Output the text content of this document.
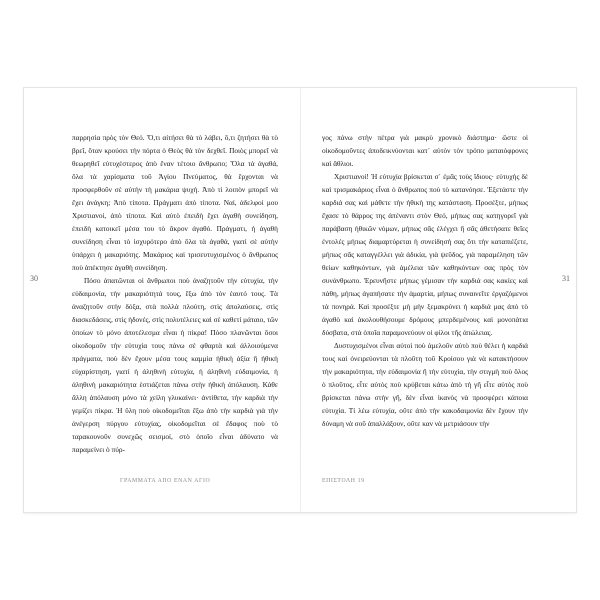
30

παρρησία πρὸς τὸν Θεό. Ὅ,τι αἰτήσει θὰ τὸ λάβει, ὅ,τι ζητήσει θὰ τὸ βρεῖ, ὅταν κρούσει τὴν πόρτα ὁ Θεὸς θὰ τὸν δεχθεῖ. Ποιὸς μπορεῖ νὰ θεωρηθεῖ εὐτυχέστερος ἀπὸ ἕναν τέτοιο ἄνθρωπο; Ὅλα τὰ ἀγαθά, ὅλα τὰ χαρίσματα τοῦ Ἁγίου Πνεύματος, θὰ ἔρχονται νὰ προσφερθοῦν σὲ αὐτὴν τὴ μακάρια ψυχή. Ἀπὸ τὶ λοιπὸν μπορεῖ νὰ ἔχει ἀνάγκη; Ἀπὸ τίποτα. Πράγματι ἀπὸ τίποτα. Ναί, ἀδελφοί μου Χριστιανοί, ἀπὸ τίποτα. Καὶ αὐτὸ ἐπειδὴ ἔχει ἀγαθὴ συνείδηση, ἐπειδὴ κατοικεῖ μέσα του τὸ ἄκρον ἀγαθό. Πράγματι, ἡ ἀγαθὴ συνείδηση εἶναι τὸ ἰσχυρότερο ἀπὸ ὅλα τὰ ἀγαθά, γιατί σὲ αὐτὴν ὑπάρχει ἡ μακαριότης. Μακάριος καὶ τρισευτυχισμένος ὁ ἄνθρωπος ποὺ ἀπέκτησε ἀγαθὴ συνείδηση.

Πόσο ἀπατῶνται οἱ ἄνθρωποι ποὺ ἀναζητοῦν τὴν εὐτυχία, τὴν εὐδαιμονία, τὴν μακαριότητά τους, ἔξω ἀπὸ τὸν ἑαυτό τους. Τὰ ἀναζητοῦν στὴν δόξα, στὰ πολλὰ πλούτη, στὶς ἀπολαύσεις, στὶς διασκεδάσεις, στὶς ἡδονές, στὶς πολυτέλειες καὶ σὲ καθετί μάταιο, τῶν ὁποίων τὸ μόνο ἀποτέλεσμα εἶναι ἡ πίκρα! Πόσο πλανῶνται ὅσοι οἰκοδομοῦν τὴν εὐτυχία τους πάνω σὲ φθαρτὰ καὶ ἀλλοιούμενα πράγματα, ποὺ δὲν ἔχουν μέσα τους καμμία ἠθικὴ ἀξία ἢ ἠθικὴ εὐχαρίστηση, γιατί ἡ ἀληθινὴ εὐτυχία, ἡ ἀληθινὴ εὐδαιμονία, ἡ ἀληθινὴ μακαριότητα ἑστιάζεται πάνω στὴν ἠθικὴ ἀπόλαυση. Κάθε ἄλλη ἀπόλαυση μόνο τὰ χείλη γλυκαίνει· ἀντίθετα, τὴν καρδιὰ τὴν γεμίζει πίκρα. Ἡ ὕλη ποὺ οἰκοδομεῖται ἔξω ἀπὸ τὴν καρδιὰ γιὰ τὴν ἀνέγερση πύργου εὐτυχίας, οἰκοδομεῖται σὲ ἔδαφος ποὺ τὸ ταρακουνοῦν συνεχῶς σεισμοί, στὸ ὁποῖο εἶναι ἀδύνατο νὰ παραμείνει ὁ πύρ-

ΓΡΑΜΜΑΤΑ ΑΠΟ ΕΝΑΝ ΑΓΙΟ
31

γος πάνω στὴν πέτρα γιὰ μακρὺ χρονικὸ διάστημα· ὥστε οἱ οἰκοδομοῦντες ἀποδεικνύονται κατ᾽ αὐτὸν τὸν τρόπο ματαιόφρονες καὶ ἄθλιοι.

Χριστιανοί! Ἡ εὐτυχία βρίσκεται σ᾽ ἐμᾶς τοὺς ἴδιους· εὐτυχὴς δὲ καὶ τρισμακάριος εἶναι ὁ ἄνθρωπος ποὺ τὸ κατανόησε. Ἐξετάστε τὴν καρδιά σας καὶ μάθετε τὴν ἠθικὴ της κατάσταση. Προσέξτε, μήπως ἔχασε τὸ θάρρος της ἀπέναντι στὸν Θεό, μήπως σας κατηγορεῖ γιὰ παράβαση ἠθικῶν νόμων, μήπως σᾶς ἐλέγχει ἢ σᾶς ἀθετήσατε θεῖες ἐντολές μήπως διαμαρτύρεται ἡ συνείδησή σας ὅτι τὴν καταπιέζετε, μήπως σᾶς καταγγέλλει γιὰ ἀδικία, γιὰ ψεῦδος, γιὰ παραμέληση τῶν θείων καθηκόντων, γιὰ ἀμέλεια τῶν καθηκόντων σας πρὸς τὸν συνάνθρωπο. Ἐρευνῆστε μήπως γέμισαν τὴν καρδιά σας κακίες καὶ πάθη, μήπως ἀγαπήσατε τὴν ἁμαρτία, μήπως συναινεῖτε ἐργαζόμενοι τὰ πονηρά. Καὶ προσέξτε μὴ μὴν ξεμακρύνει ἡ καρδιά μας ἀπὸ τὸ ἀγαθὸ καὶ ἀκολουθήσουμε δρόμους μπερδεμένους καὶ μονοπάτια δύσβατα, στὰ ὁποῖα παραμονεύουν οἱ φίλοι τῆς ἀπώλειας.

Δυστυχισμένοι εἶναι αὐτοὶ ποὺ ἀμελοῦν αὐτὸ ποὺ θέλει ἡ καρδιά τους καὶ ὀνειρεύονται τὰ πλοῦτη τοῦ Κροίσου γιὰ νὰ κατακτήσουν τὴν μακαριότητα, τὴν εὐδαιμονία ἢ τὴν εὐτυχία, τὴν στιγμὴ ποὺ ὅλος ὁ πλοῦτος, εἶτε αὐτὸς ποὺ κρύβεται κάτω ἀπὸ τὴ γῆ εἶτε αὐτὸς ποὺ βρίσκεται πάνω στὴν γῆ, δὲν εἶναι ἱκανὸς νὰ προσφέρει κάποια εὐτυχία. Τί λέω εὐτυχία, οὔτε ἀπὸ τὴν κακοδαιμονία δὲν ἔχουν τὴν δύναμη νὰ σοῦ ἀπαλλάξουν, οὔτε καν νὰ μετριάσουν τὴν

ΕΠΙΣΤΟΛΗ 19
